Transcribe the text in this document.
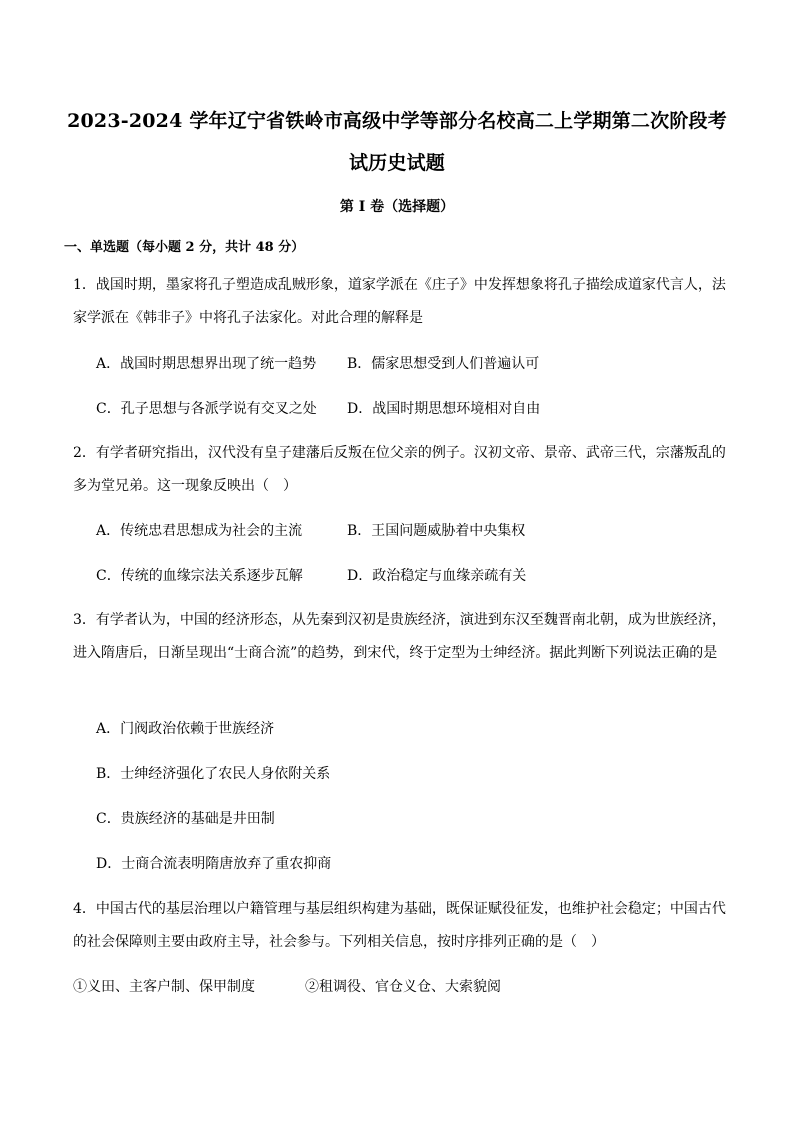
2023-2024 学年辽宁省铁岭市高级中学等部分名校高二上学期第二次阶段考
试历史试题
第 I 卷（选择题）
一、单选题（每小题 2 分，共计 48 分）
1．战国时期，墨家将孔子塑造成乱贼形象，道家学派在《庄子》中发挥想象将孔子描绘成道家代言人，法家学派在《韩非子》中将孔子法家化。对此合理的解释是
A．战国时期思想界出现了统一趋势 B．儒家思想受到人们普遍认可
C．孔子思想与各派学说有交叉之处 D．战国时期思想环境相对自由
2．有学者研究指出，汉代没有皇子建藩后反叛在位父亲的例子。汉初文帝、景帝、武帝三代，宗藩叛乱的多为堂兄弟。这一现象反映出（　）
A．传统忠君思想成为社会的主流	B．王国问题威胁着中央集权
C．传统的血缘宗法关系逐步瓦解	D．政治稳定与血缘亲疏有关
3．有学者认为，中国的经济形态，从先秦到汉初是贵族经济，演进到东汉至魏晋南北朝，成为世族经济，进入隋唐后，日渐呈现出“士商合流”的趋势，到宋代，终于定型为士绅经济。据此判断下列说法正确的是
A．门阀政治依赖于世族经济
B．士绅经济强化了农民人身依附关系
C．贵族经济的基础是井田制
D．士商合流表明隋唐放弃了重农抑商
4．中国古代的基层治理以户籍管理与基层组织构建为基础，既保证赋役征发，也维护社会稳定；中国古代的社会保障则主要由政府主导，社会参与。下列相关信息，按时序排列正确的是（　）
①义田、主客户制、保甲制度	②租调役、官仓义仓、大索貌阅
